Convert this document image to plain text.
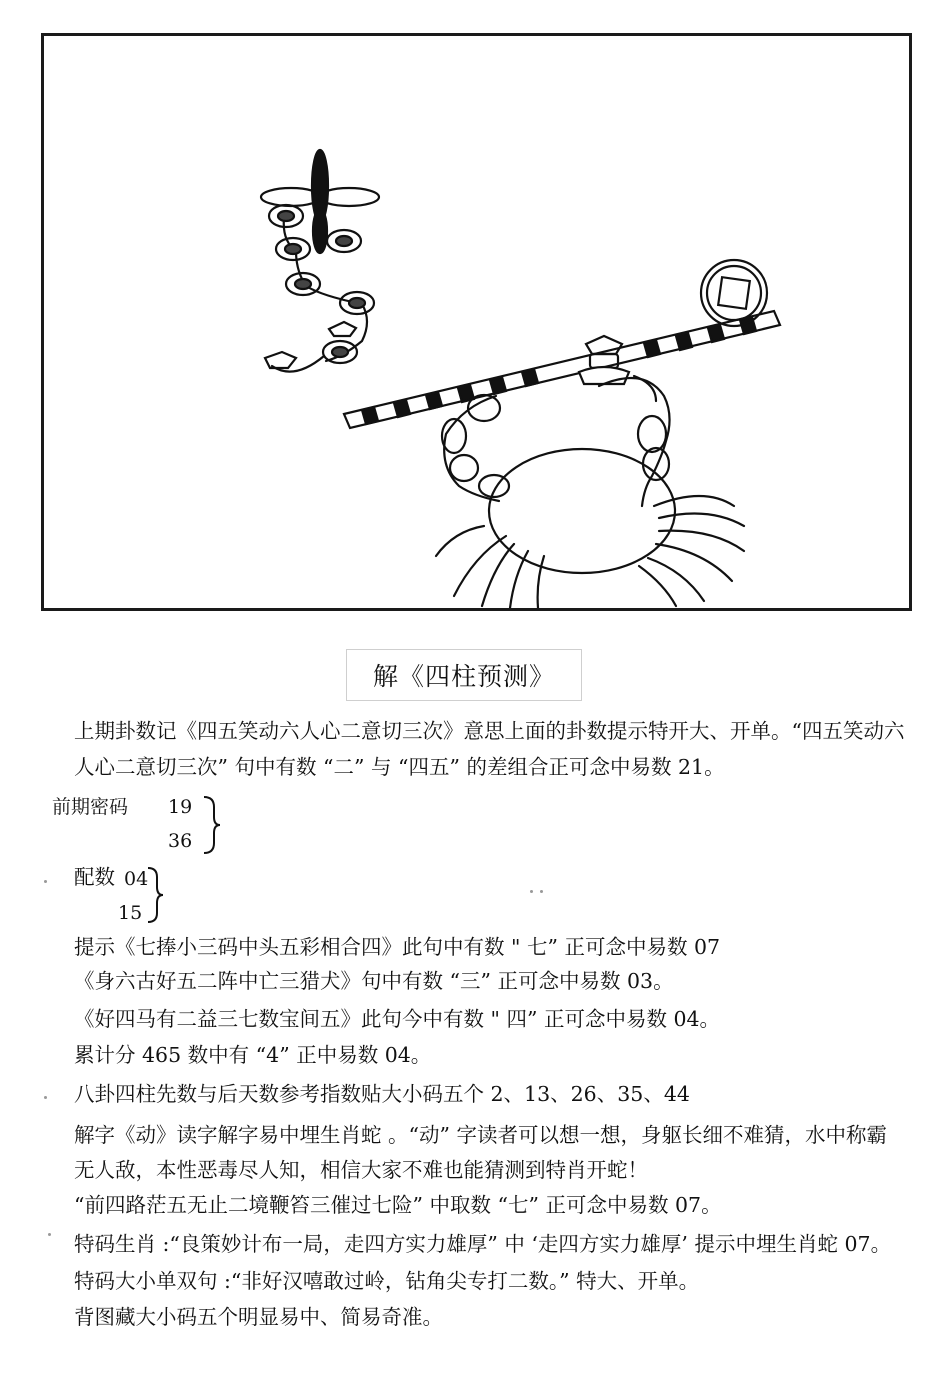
解《四柱预测》
上期卦数记《四五笑动六人心二意切三次》意思上面的卦数提示特开大、开单。“四五笑动六
人心二意切三次” 句中有数 “二” 与 “四五” 的差组合正可念中易数 21。
前期密码 19
36
配数 04
15
提示《七捧小三码中头五彩相合四》此句中有数 " 七” 正可念中易数 07
《身六古好五二阵中亡三猎犬》句中有数 “三” 正可念中易数 03。
《好四马有二益三七数宝间五》此句今中有数 " 四” 正可念中易数 04。
累计分 465 数中有 “4” 正中易数 04。
八卦四柱先数与后天数参考指数贴大小码五个 2、13、26、35、44
解字《动》读字解字易中埋生肖蛇 。“动” 字读者可以想一想，身躯长细不难猜，水中称霸
无人敌，本性恶毒尽人知，相信大家不难也能猜测到特肖开蛇！
“前四路茫五无止二境鞭笞三催过七险” 中取数 “七” 正可念中易数 07。
特码生肖 :“良策妙计布一局，走四方实力雄厚” 中 ‘走四方实力雄厚’ 提示中埋生肖蛇 07。
特码大小单双句 :“非好汉嘻敢过岭，钻角尖专打二数。” 特大、开单。
背图藏大小码五个明显易中、简易奇准。
